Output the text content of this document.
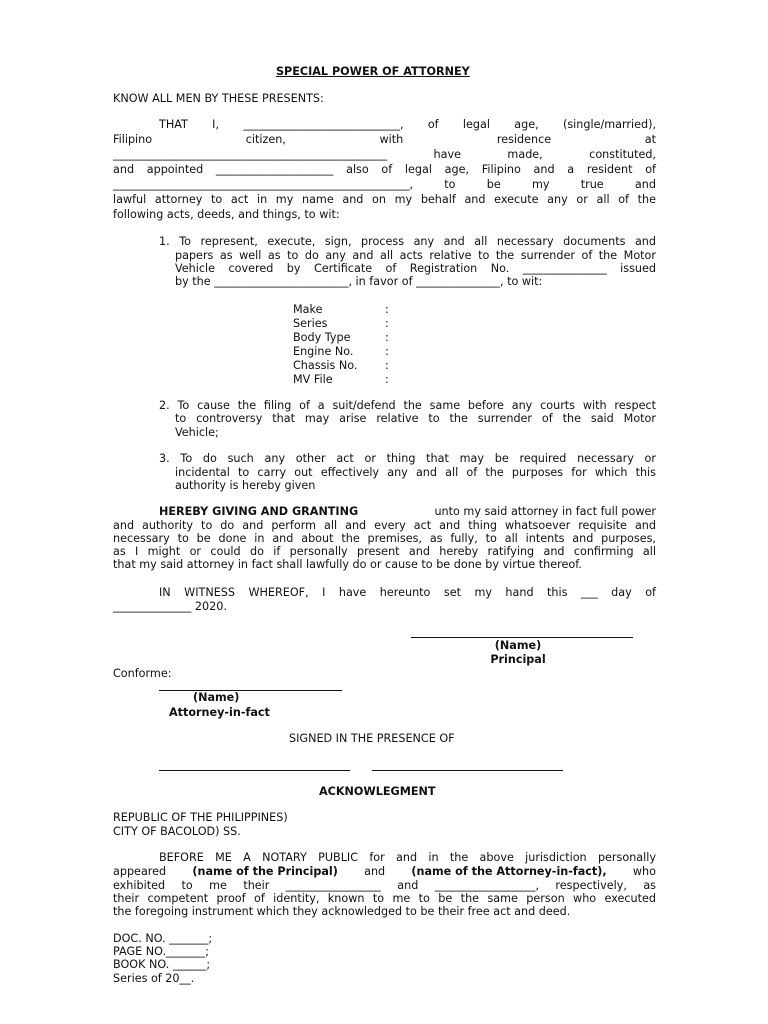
SPECIAL POWER OF ATTORNEY
KNOW ALL MEN BY THESE PRESENTS:
THAT I, ____________________________, of legal age, (single/married),
Filipino                citizen,                with                residence                at
_________________________________________________ have made, constituted,
and appointed _____________________ also of legal age, Filipino and a resident of
_____________________________________________________, to be my true and
lawful attorney to act in my name and on my behalf and execute any or all of the
following acts, deeds, and things, to wit:
1. To represent, execute, sign, process any and all necessary documents and
papers as well as to do any and all acts relative to the surrender of the Motor
Vehicle covered by Certificate of Registration No. _______________ issued
by the ________________________, in favor of _______________, to wit:
Make	:
Series	:
Body Type	:
Engine No.	:
Chassis No. :
MV File	:
2. To cause the filing of a suit/defend the same before any courts with respect
to controversy that may arise relative to the surrender of the said Motor
Vehicle;
3. To do such any other act or thing that may be required necessary or
incidental to carry out effectively any and all of the purposes for which this
authority is hereby given
HEREBY GIVING AND GRANTING	unto my said attorney in fact full power
and authority to do and perform all and every act and thing whatsoever requisite and
necessary to be done in and about the premises, as fully, to all intents and purposes,
as I might or could do if personally present and hereby ratifying and confirming all
that my said attorney in fact shall lawfully do or cause to be done by virtue thereof.
IN WITNESS WHEREOF, I have hereunto set my hand this ___ day of
______________ 2020.
(Name)
Principal
Conforme:
(Name)
Attorney-in-fact
SIGNED IN THE PRESENCE OF
ACKNOWLEGMENT
REPUBLIC OF THE PHILIPPINES)
CITY OF BACOLOD) SS.
BEFORE ME A NOTARY PUBLIC for and in the above jurisdiction personally
appeared (name of the Principal) and (name of the Attorney-in-fact), who
exhibited to me their _________________ and __________________, respectively, as
their competent proof of identity, known to me to be the same person who executed
the foregoing instrument which they acknowledged to be their free act and deed.
DOC. NO. _______;
PAGE NO._______;
BOOK NO. ______;
Series of 20__.
